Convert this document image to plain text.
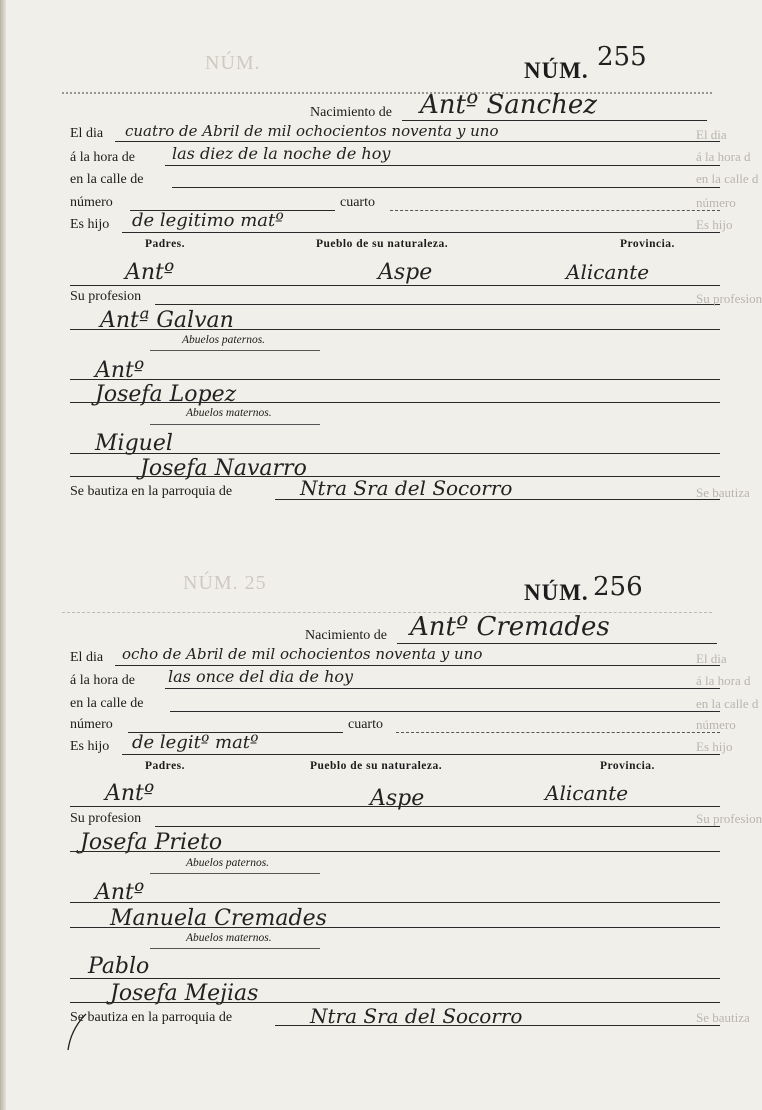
NÚM.	NÚM. 255
Nacimiento de Antº Sanchez
El dia cuatro de Abril de mil ochocientos noventa y uno
á la hora de las diez de la noche de hoy
en la calle de
número	cuarto
Es hijo de legitimo matº
Padres.	Pueblo de su naturaleza.	Provincia.
Antº	Aspe	Alicante
Su profesion
Antª Galvan
Abuelos paternos.
Antº
Josefa Lopez
Abuelos maternos.
Miguel
Josefa Navarro
Se bautiza en la parroquia de	Ntra Sra del Socorro
NÚM. 25	NÚM. 256
Nacimiento de Antº Cremades
El dia ocho de Abril de mil ochocientos noventa y uno
á la hora de las once del dia de hoy
en la calle de
número	cuarto
Es hijo de legitº matº
Padres.	Pueblo de su naturaleza.	Provincia.
Antº	Aspe	Alicante
Su profesion
Josefa Prieto
Abuelos paternos.
Antº
Manuela Cremades
Abuelos maternos.
Pablo
Josefa Mejias
Se bautiza en la parroquia de	Ntra Sra del Socorro
El dia
á la hora d
en la calle d
número
Es hijo
Su profesion
Se bautiza
El dia
á la hora d
en la calle d
número
Es hijo
Su profesion
Se bautiza
